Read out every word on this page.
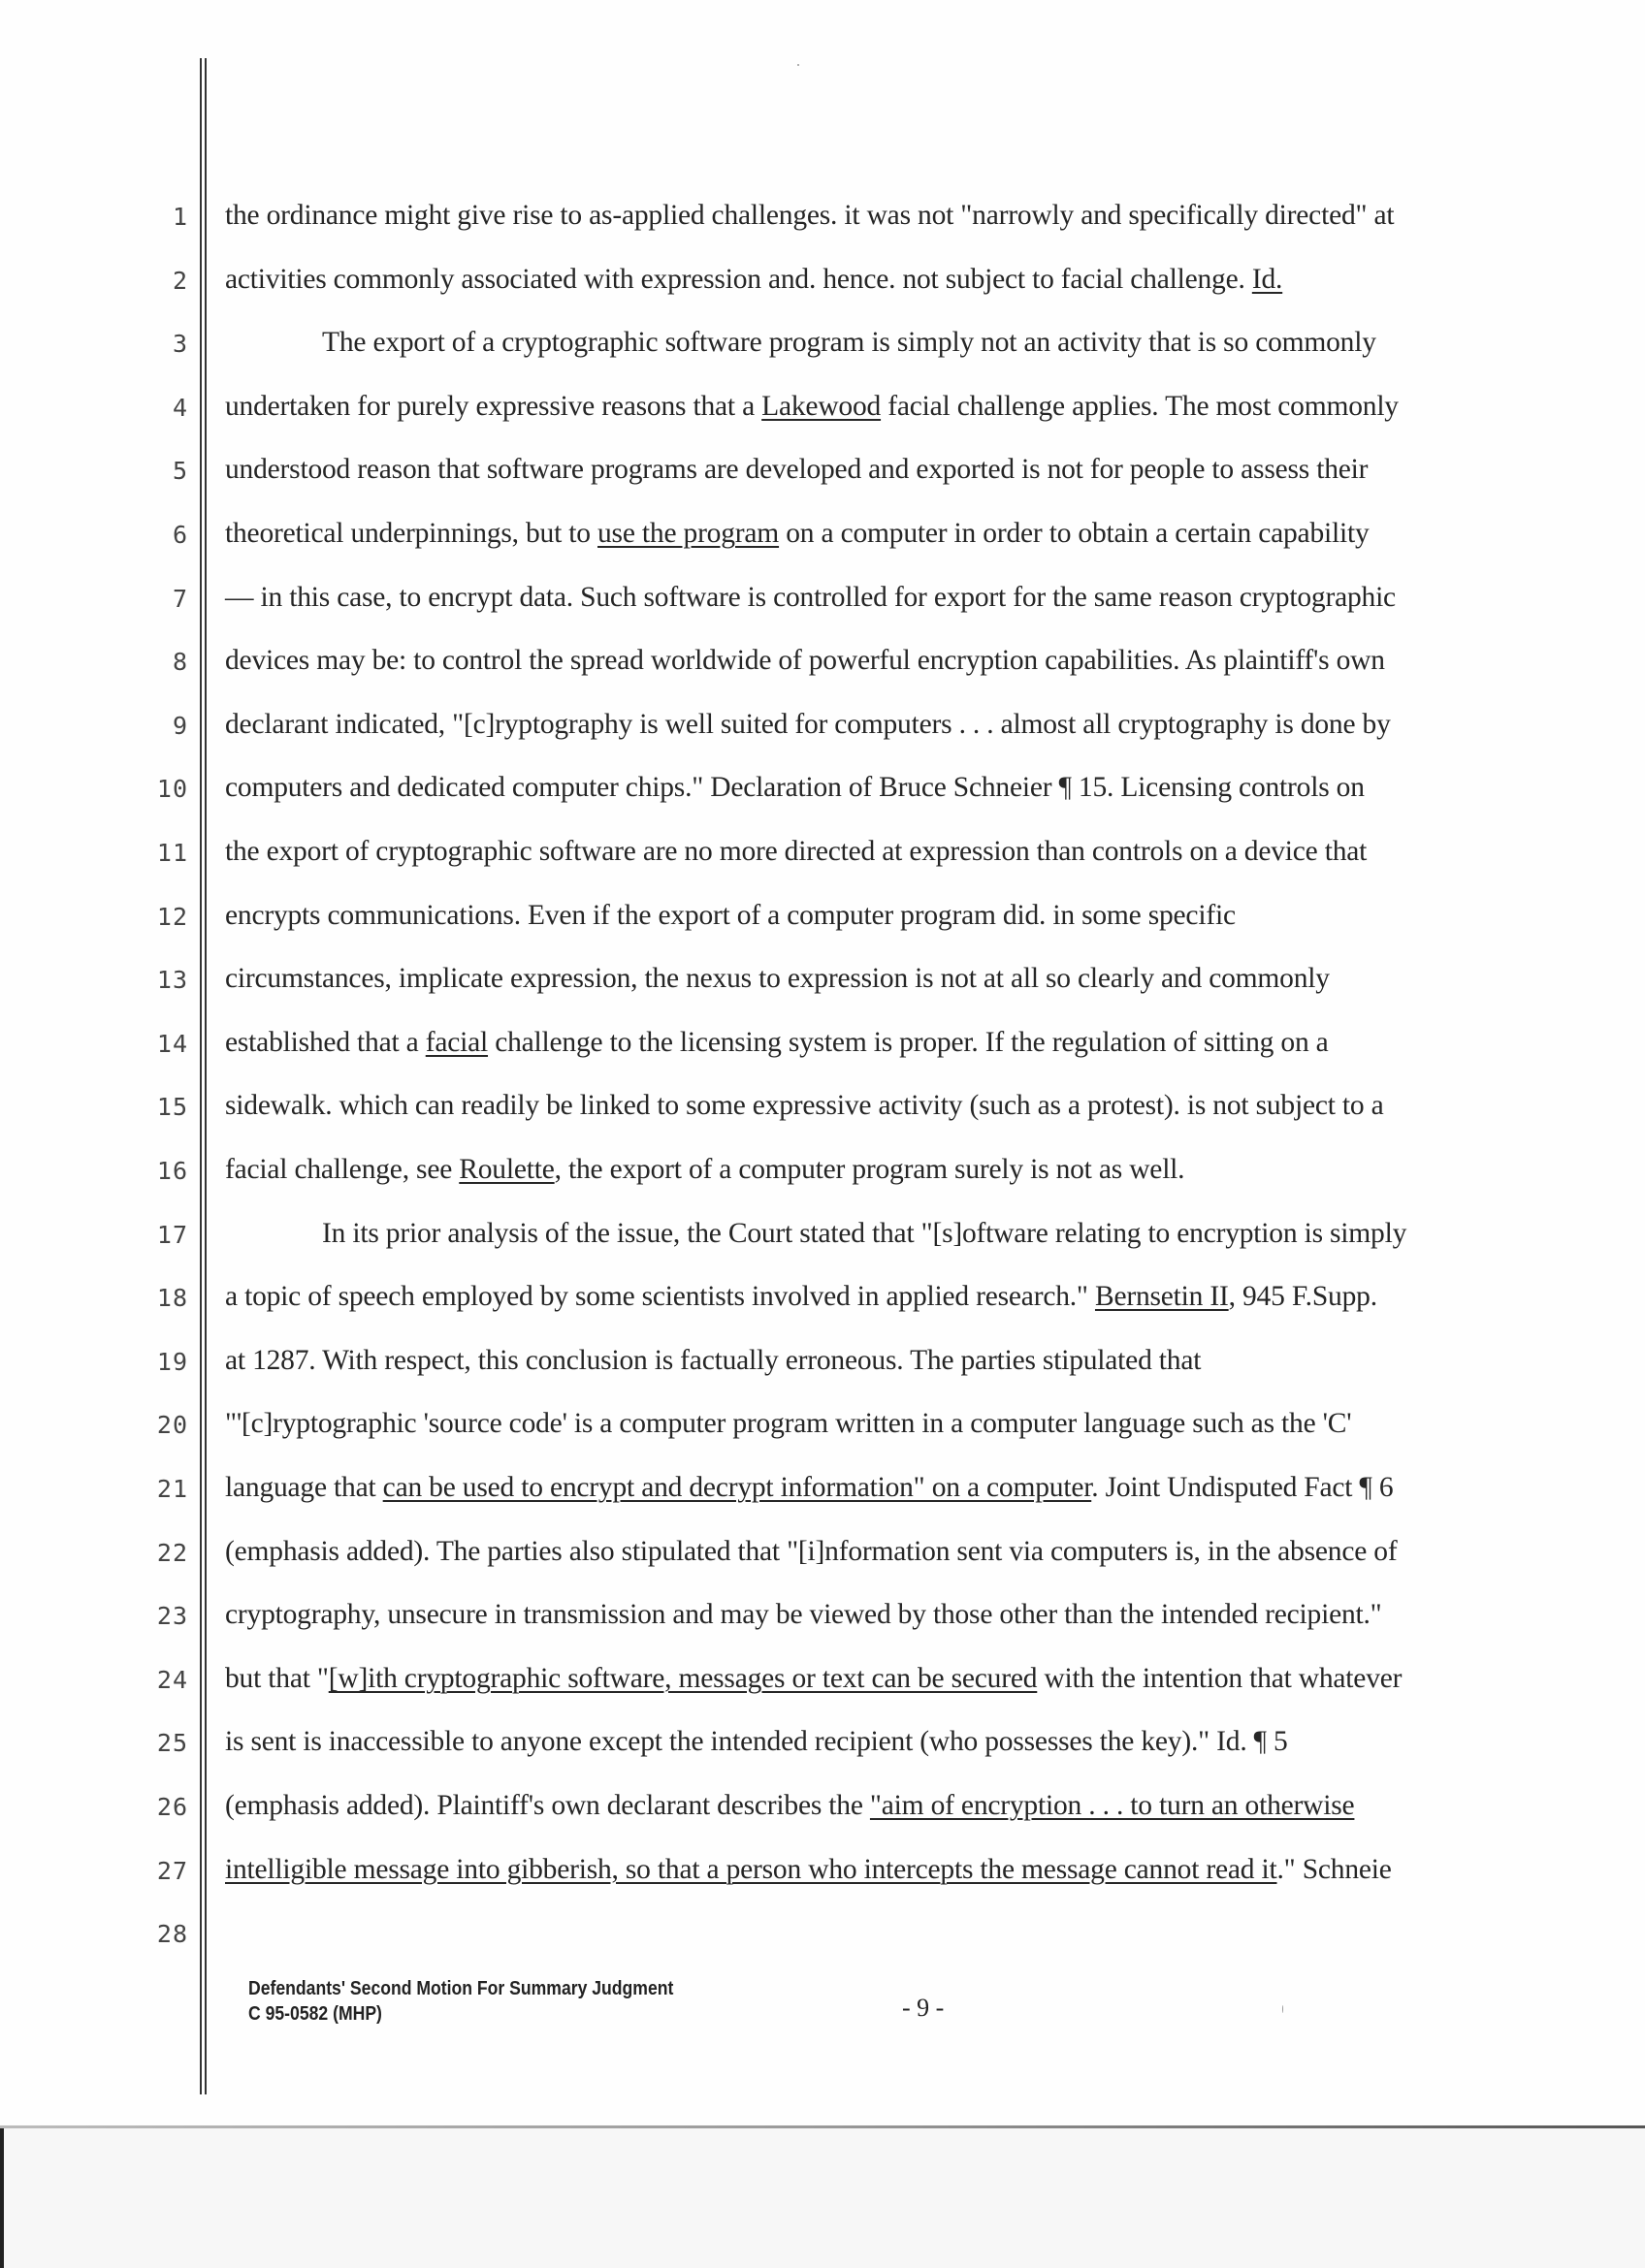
1 the ordinance might give rise to as-applied challenges. it was not "narrowly and specifically directed" at
2 activities commonly associated with expression and. hence. not subject to facial challenge. Id.
3	The export of a cryptographic software program is simply not an activity that is so commonly
4 undertaken for purely expressive reasons that a Lakewood facial challenge applies. The most commonly
5 understood reason that software programs are developed and exported is not for people to assess their
6 theoretical underpinnings, but to use the program on a computer in order to obtain a certain capability
7 — in this case, to encrypt data. Such software is controlled for export for the same reason cryptographic
8 devices may be: to control the spread worldwide of powerful encryption capabilities. As plaintiff's own
9 declarant indicated, "[c]ryptography is well suited for computers . . . almost all cryptography is done by
10 computers and dedicated computer chips." Declaration of Bruce Schneier ¶ 15. Licensing controls on
11 the export of cryptographic software are no more directed at expression than controls on a device that
12 encrypts communications. Even if the export of a computer program did. in some specific
13 circumstances, implicate expression, the nexus to expression is not at all so clearly and commonly
14 established that a facial challenge to the licensing system is proper. If the regulation of sitting on a
15 sidewalk. which can readily be linked to some expressive activity (such as a protest). is not subject to a
16 facial challenge, see Roulette, the export of a computer program surely is not as well.
17	In its prior analysis of the issue, the Court stated that "[s]oftware relating to encryption is simply
18 a topic of speech employed by some scientists involved in applied research." Bernsetin II, 945 F.Supp.
19 at 1287. With respect, this conclusion is factually erroneous. The parties stipulated that
20 "'[c]ryptographic 'source code' is a computer program written in a computer language such as the 'C'
21 language that can be used to encrypt and decrypt information" on a computer. Joint Undisputed Fact ¶ 6
22 (emphasis added). The parties also stipulated that "[i]nformation sent via computers is, in the absence of
23 cryptography, unsecure in transmission and may be viewed by those other than the intended recipient."
24 but that "[w]ith cryptographic software, messages or text can be secured with the intention that whatever
25 is sent is inaccessible to anyone except the intended recipient (who possesses the key)." Id. ¶ 5
26 (emphasis added). Plaintiff's own declarant describes the "aim of encryption . . . to turn an otherwise
27 intelligible message into gibberish, so that a person who intercepts the message cannot read it." Schneie
28
Defendants' Second Motion For Summary Judgment
C 95-0582 (MHP)	- 9 -
